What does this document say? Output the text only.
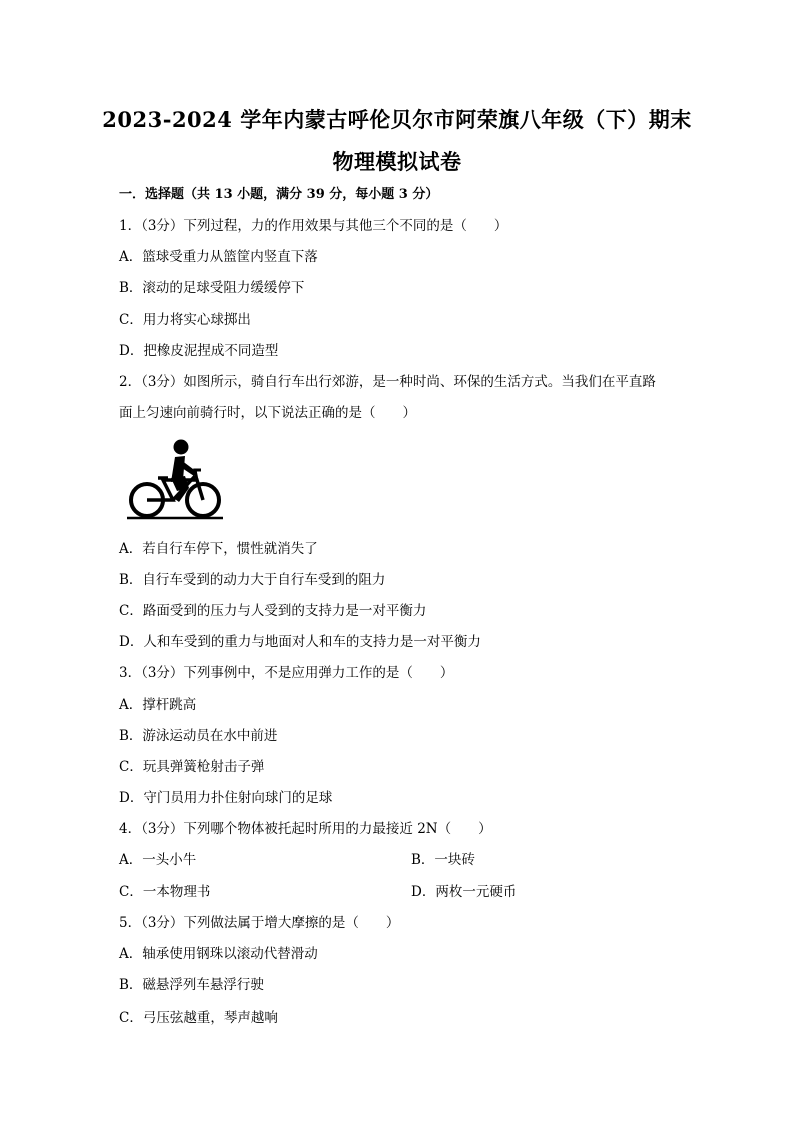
2023-2024 学年内蒙古呼伦贝尔市阿荣旗八年级（下）期末
物理模拟试卷
一．选择题（共 13 小题，满分 39 分，每小题 3 分）
1．（3分）下列过程，力的作用效果与其他三个不同的是（　　）
A．篮球受重力从篮筐内竖直下落
B．滚动的足球受阻力缓缓停下
C．用力将实心球掷出
D．把橡皮泥捏成不同造型
2．（3分）如图所示，骑自行车出行郊游，是一种时尚、环保的生活方式。当我们在平直路
面上匀速向前骑行时，以下说法正确的是（　　）
A．若自行车停下，惯性就消失了
B．自行车受到的动力大于自行车受到的阻力
C．路面受到的压力与人受到的支持力是一对平衡力
D．人和车受到的重力与地面对人和车的支持力是一对平衡力
3．（3分）下列事例中，不是应用弹力工作的是（　　）
A．撑杆跳高
B．游泳运动员在水中前进
C．玩具弹簧枪射击子弹
D．守门员用力扑住射向球门的足球
4．（3分）下列哪个物体被托起时所用的力最接近 2N（　　）
A．一头小牛	B．一块砖
C．一本物理书	D．两枚一元硬币
5．（3分）下列做法属于增大摩擦的是（　　）
A．轴承使用钢珠以滚动代替滑动
B．磁悬浮列车悬浮行驶
C．弓压弦越重，琴声越响
